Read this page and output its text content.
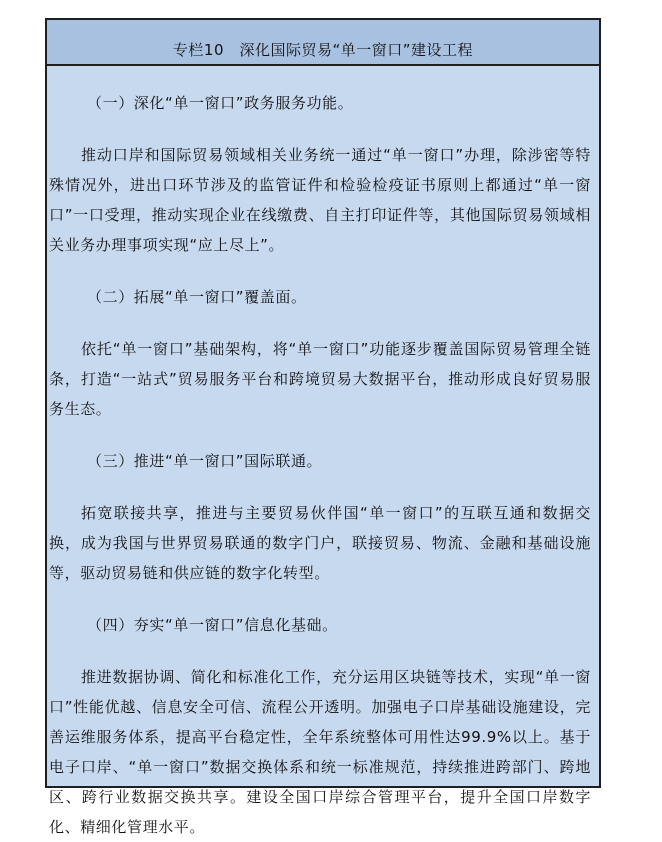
专栏10　深化国际贸易“单一窗口”建设工程

（一）深化“单一窗口”政务服务功能。

推动口岸和国际贸易领域相关业务统一通过“单一窗口”办理，除涉密等特殊情况外，进出口环节涉及的监管证件和检验检疫证书原则上都通过“单一窗口”一口受理，推动实现企业在线缴费、自主打印证件等，其他国际贸易领域相关业务办理事项实现“应上尽上”。

（二）拓展“单一窗口”覆盖面。

依托“单一窗口”基础架构，将“单一窗口”功能逐步覆盖国际贸易管理全链条，打造“一站式”贸易服务平台和跨境贸易大数据平台，推动形成良好贸易服务生态。

（三）推进“单一窗口”国际联通。

拓宽联接共享，推进与主要贸易伙伴国“单一窗口”的互联互通和数据交换，成为我国与世界贸易联通的数字门户，联接贸易、物流、金融和基础设施等，驱动贸易链和供应链的数字化转型。

（四）夯实“单一窗口”信息化基础。

推进数据协调、简化和标准化工作，充分运用区块链等技术，实现“单一窗口”性能优越、信息安全可信、流程公开透明。加强电子口岸基础设施建设，完善运维服务体系，提高平台稳定性，全年系统整体可用性达99.9%以上。基于电子口岸、“单一窗口”数据交换体系和统一标准规范，持续推进跨部门、跨地区、跨行业数据交换共享。建设全国口岸综合管理平台，提升全国口岸数字化、精细化管理水平。
